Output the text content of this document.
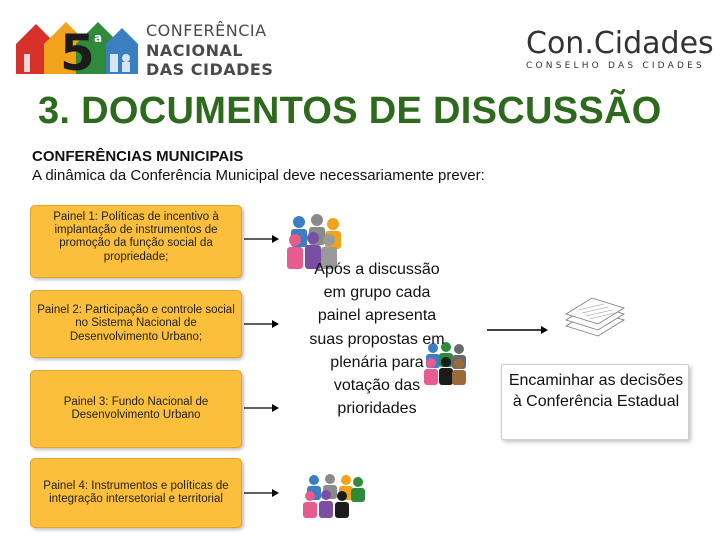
5 a	CONFERÊNCIA
NACIONAL
DAS CIDADES
Con.Cidades
CONSELHO DAS CIDADES
3. DOCUMENTOS DE DISCUSSÃO
CONFERÊNCIAS MUNICIPAIS
A dinâmica da Conferência Municipal deve necessariamente prever:
Painel 1: Políticas de incentivo à implantação de instrumentos de promoção da função social da propriedade;
Painel 2: Participação e controle social no Sistema Nacional de Desenvolvimento Urbano;
Painel 3: Fundo Nacional de Desenvolvimento Urbano
Painel 4: Instrumentos e políticas de integração intersetorial e territorial
Após a discussão em grupo cada painel apresenta suas propostas em plenária para votação das prioridades
Encaminhar as decisões à Conferência Estadual
